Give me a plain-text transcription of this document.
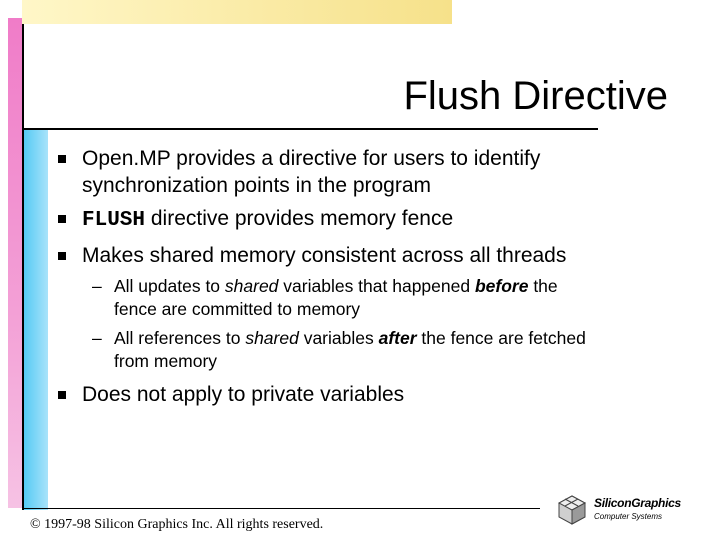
Flush Directive
Open.MP provides a directive for users to identify
synchronization points in the program
FLUSH directive provides memory fence
Makes shared memory consistent across all threads
– All updates to shared variables that happened before the
fence are committed to memory
– All references to shared variables after the fence are fetched
from memory
Does not apply to private variables
© 1997-98 Silicon Graphics Inc. All rights reserved.
SiliconGraphics
Computer Systems
